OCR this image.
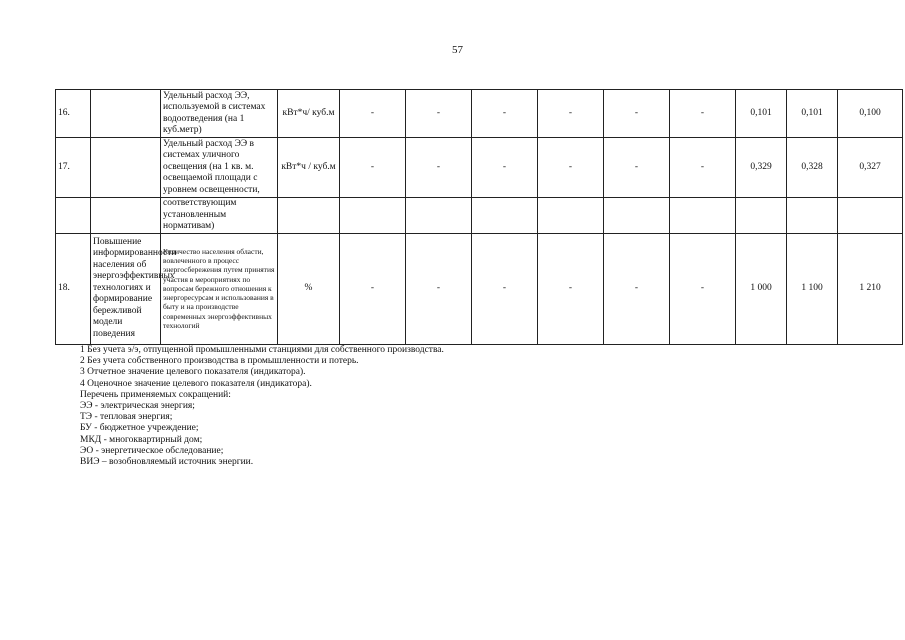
57
16.		Удельный расход ЭЭ, используемой в системах водоотведения (на 1 куб.метр)	кВт*ч/ куб.м	-	-	-	-	-	-	0,101	0,101	0,100
17.		Удельный расход ЭЭ в системах уличного освещения (на 1 кв. м. освещаемой площади с уровнем освещенности,	кВт*ч / куб.м	-	-	-	-	-	-	0,329	0,328	0,327
		соответствующим установленным нормативам)										
18.	Повышение информированности населения об энергоэффективных технологиях и формирование бережливой модели поведения	Количество населения области, вовлеченного в процесс энергосбережения путем принятия участия в мероприятиях по вопросам бережного отношения к энергоресурсам и использования в быту и на производстве современных энергоэффективных технологий	%	-	-	-	-	-	-	1 000	1 100	1 210
1 Без учета э/э, отпущенной промышленными станциями для собственного производства.
2 Без учета собственного производства в промышленности и потерь.
3 Отчетное значение целевого показателя (индикатора).
4 Оценочное значение целевого показателя (индикатора).
Перечень применяемых сокращений:
ЭЭ - электрическая энергия;
ТЭ - тепловая энергия;
БУ - бюджетное учреждение;
МКД - многоквартирный дом;
ЭО - энергетическое обследование;
ВИЭ – возобновляемый источник энергии.
